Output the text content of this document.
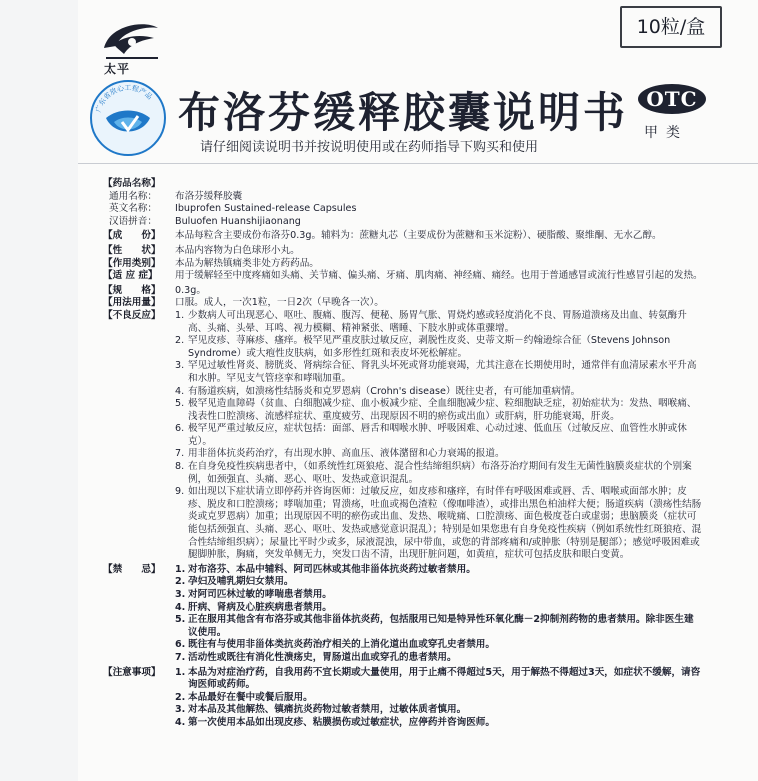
太平
10粒/盒
广东省放心工程产品 布洛芬缓释胶囊说明书 OTC
甲类
请仔细阅读说明书并按说明使用或在药师指导下购买和使用
【药品名称】
通用名称：	布洛芬缓释胶囊
英文名称：	Ibuprofen Sustained-release Capsules
汉语拼音：	Buluofen Huanshijiaonang
【成　　份】	本品每粒含主要成份布洛芬0.3g。辅料为：蔗糖丸芯（主要成份为蔗糖和玉米淀粉）、硬脂酸、聚维酮、无水乙醇。
【性　　状】	本品内容物为白色球形小丸。
【作用类别】	本品为解热镇痛类非处方药药品。
【适 应 症】	用于缓解轻至中度疼痛如头痛、关节痛、偏头痛、牙痛、肌肉痛、神经痛、痛经。也用于普通感冒或流行性感冒引起的发热。
【规　　格】	0.3g。
【用法用量】	口服。成人，一次1粒，一日2次（早晚各一次）。
【不良反应】	1. 少数病人可出现恶心、呕吐、腹痛、腹泻、便秘、肠胃气胀、胃烧灼感或轻度消化不良、胃肠道溃疡及出血、转氨酶升高、头痛、头晕、耳鸣、视力模糊、精神紧张、嗜睡、下肢水肿或体重骤增。
2. 罕见皮疹、荨麻疹、瘙痒。极罕见严重皮肤过敏反应，剥脱性皮炎、史蒂文斯－约翰逊综合征（Stevens Johnson Syndrome）或大疱性皮肤病，如多形性红斑和表皮坏死松解症。
3. 罕见过敏性肾炎、膀胱炎、肾病综合征、肾乳头坏死或肾功能衰竭，尤其注意在长期使用时，通常伴有血清尿素水平升高和水肿。罕见支气管痉挛和哮喘加重。
4. 有肠道疾病，如溃疡性结肠炎和克罗恩病（Crohn's disease）既往史者，有可能加重病情。
5. 极罕见造血障碍（贫血、白细胞减少症、血小板减少症、全血细胞减少症、粒细胞缺乏症，初始症状为：发热、咽喉痛、浅表性口腔溃疡、流感样症状、重度疲劳、出现原因不明的瘀伤或出血）或肝病，肝功能衰竭，肝炎。
6. 极罕见严重过敏反应，症状包括：面部、唇舌和咽喉水肿、呼吸困难、心动过速、低血压（过敏反应、血管性水肿或休克）。
7. 用非甾体抗炎药治疗，有出现水肿、高血压、液体潴留和心力衰竭的报道。
8. 在自身免疫性疾病患者中，（如系统性红斑狼疮、混合性结缔组织病）布洛芬治疗期间有发生无菌性脑膜炎症状的个别案例，如颈强直、头痛、恶心、呕吐、发热或意识混乱。
9. 如出现以下症状请立即停药并咨询医师：过敏反应，如皮疹和瘙痒，有时伴有呼吸困难或唇、舌、咽喉或面部水肿；皮疹、脱皮和口腔溃疡；哮喘加重；胃溃疡，吐血或褐色渣粒（像咖啡渣），或排出黑色柏油样大便；肠道疾病（溃疡性结肠炎或克罗恩病）加重；出现原因不明的瘀伤或出血、发热、喉咙痛、口腔溃疡、面色极度苍白或虚弱；患脑膜炎（症状可能包括颈强直、头痛、恶心、呕吐、发热或感觉意识混乱）；特别是如果您患有自身免疫性疾病（例如系统性红斑狼疮、混合性结缔组织病）；尿量比平时少或多，尿液混浊，尿中带血，或您的背部疼痛和/或肿胀（特别是腿部）；感觉呼吸困难或腿脚肿胀，胸痛，突发单侧无力，突发口齿不清，出现肝脏问题，如黄疸，症状可包括皮肤和眼白变黄。
【禁　　忌】	1. 对布洛芬、本品中辅料、阿司匹林或其他非甾体抗炎药过敏者禁用。
2. 孕妇及哺乳期妇女禁用。
3. 对阿司匹林过敏的哮喘患者禁用。
4. 肝病、肾病及心脏疾病患者禁用。
5. 正在服用其他含有布洛芬或其他非甾体抗炎药，包括服用已知是特异性环氧化酶－2抑制剂药物的患者禁用。除非医生建议使用。
6. 既往有与使用非甾体类抗炎药治疗相关的上消化道出血或穿孔史者禁用。
7. 活动性或既往有消化性溃疡史，胃肠道出血或穿孔的患者禁用。
【注意事项】	1. 本品为对症治疗药，自我用药不宜长期或大量使用，用于止痛不得超过5天，用于解热不得超过3天，如症状不缓解，请咨询医师或药师。
2. 本品最好在餐中或餐后服用。
3. 对本品及其他解热、镇痛抗炎药物过敏者禁用，过敏体质者慎用。
4. 第一次使用本品如出现皮疹、粘膜损伤或过敏症状，应停药并咨询医师。
